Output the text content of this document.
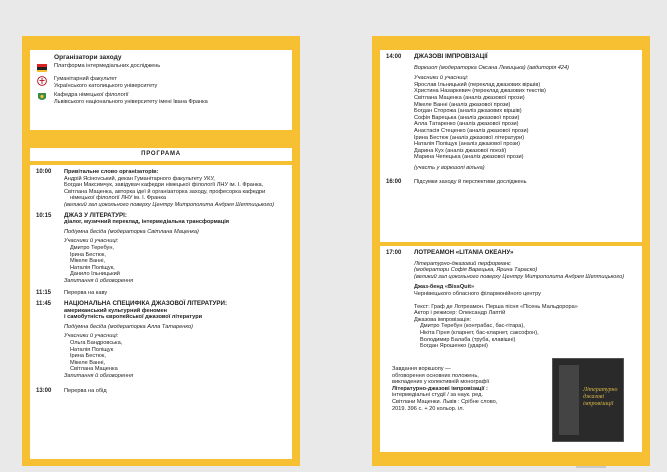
Організатори заходу
Платформа інтермедіальних досліджень
Гуманітарний факультет
Українського католицького університету
Кафедра німецької філології
Львівського національного університету імені Івана Франка
ПРОГРАМА
10:00	Привітальне слово організаторів:
Андрій Ясінovський, декан Гуманітарного факультету УКУ,
Богдан Максимчук, завідувач кафедри німецької філології ЛНУ ім. І. Франка,
Світлана Маценка, авторка ідеї й організаторка заходу, професорка кафедри
німецької філології ЛНУ ім. І. Франка
(великий зал цокольного поверху Центру Митрополита Андрея Шептицького)
10:15	ДЖАЗ У ЛІТЕРАТУРІ:
діалог, музичний переклад, інтермедіальна трансформація
Подіумна бесіда (модераторка Світлана Маценка)
Учасники й учасниці:
Дмитро Теребун,
Ірина Бестюк,
Мікеле Ванні,
Наталія Поліщук,
Данило Ільницький
Запитання й обговорення
11:15	Перерва на каву
11:45	НАЦІОНАЛЬНА СПЕЦИФІКА ДЖАЗОВОЇ ЛІТЕРАТУРИ:
американський культурний феномен
і самобутність європейської джазової літератури
Подіумна бесіда (модераторка Алла Татаренко)
Учасники й учасниці:
Ольга Бандровська,
Наталія Поліщук
Ірина Бестюк,
Мікеле Ванні,
Світлана Маценка
Запитання й обговорення
13:00	Перерва на обід
14:00	ДЖАЗОВІ ІМПРОВІЗАЦІЇ
Воркшоп (модераторка Оксана Левицька) (авдиторія 424)
Учасники й учасниці:
Ярослав Ільницький (переклад джазових віршів)
Христина Назаркевич (переклад джазових текстів)
Світлана Маценка (аналіз джазової прози)
Мікеле Ванні (аналіз джазової прози)
Богдан Сторожа (аналіз джазових віршів)
Софія Варецька (аналіз джазової прози)
Алла Татаренко (аналіз джазової прози)
Анастасія Стеценко (аналіз джазової прози)
Ірина Бестюк (аналіз джазової літератури)
Наталія Поліщук (аналіз джазової прози)
Дарина Кух (аналіз джазової поезії)
Марина Чепецька (аналіз джазової прози)
(участь у воркшопі вільна)
16:00	Підсумки заходу й перспективи досліджень
17:00	ЛОТРЕАМОН «LITANIA OКЕАНУ»
Літературно-джазовий перформанс
(модератори Софія Варецька, Ярина Тараско)
(великий зал цокольного поверху Центру Митрополита Андрея Шептицького)
Джаз-бенд «BissQuit»
Чернівецького обласного філармонійного центру
Текст: Граф де Лотреамон. Перша пісня «Пісень Мальдорора»
Актор і режисер: Олександр Лаптій
Джазова імпровізація:
Дмитро Теребун (контрабас, бас-гітара),
Нікіта Гірня (кларнет, бас-кларнет, саксофон),
Володимир Балаба (труба, клавішні)
Богдан Ярошенко (ударні)
Завдання воркшопу —
обговорення основних положень,
викладених у колективній монографії
Літературно-джазові імпровізації :
інтермедіальні студії / за наук. ред.
Світлани Маценки. Львів : Срібне слово,
2019. 396 с. + 20 кольор. іл.
Літературно джазові імпровізації
